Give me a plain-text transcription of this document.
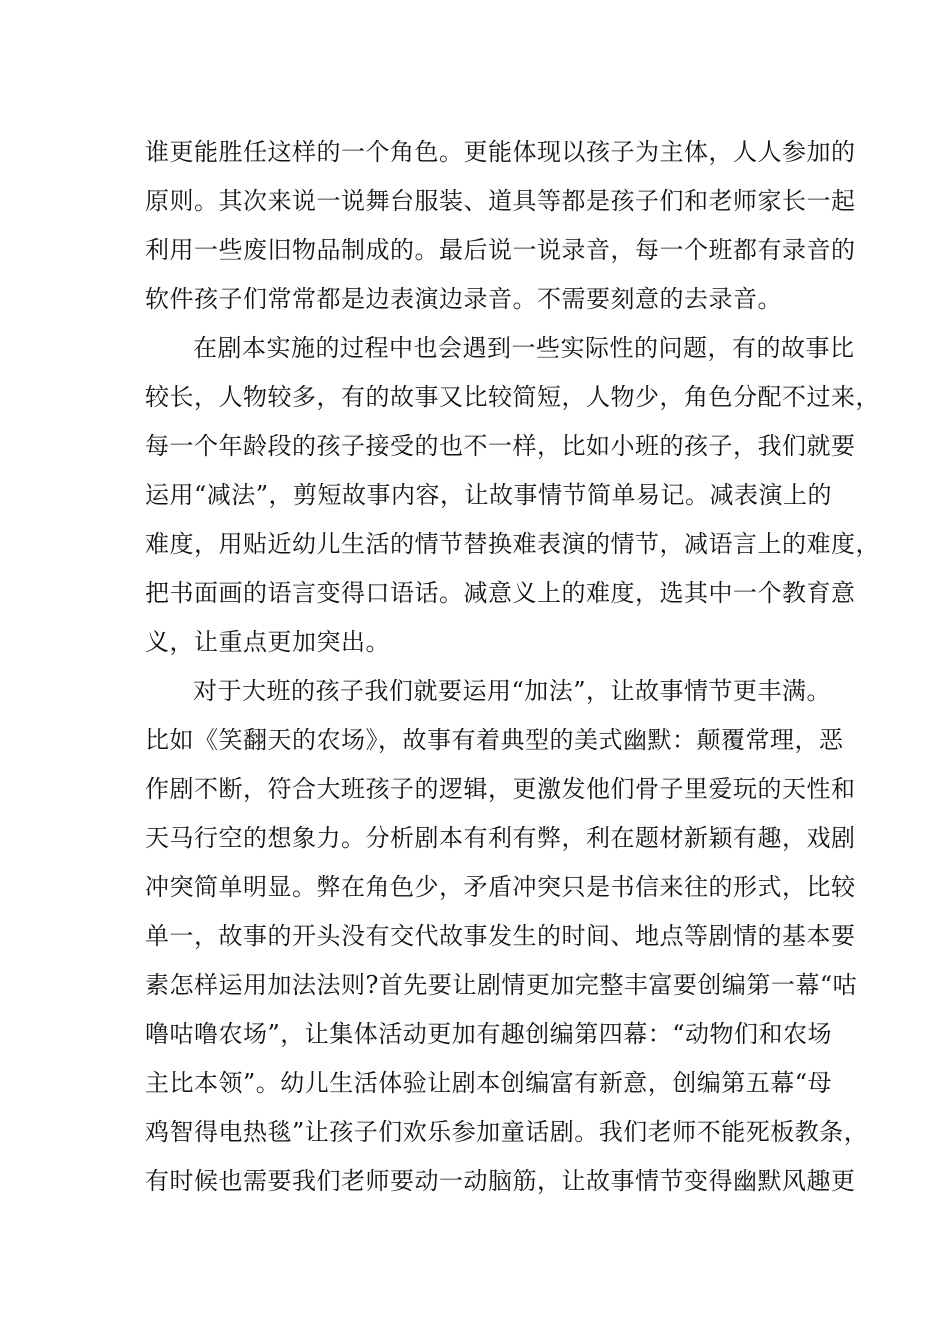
谁更能胜任这样的一个角色。更能体现以孩子为主体，人人参加的
原则。其次来说一说舞台服装、道具等都是孩子们和老师家长一起
利用一些废旧物品制成的。最后说一说录音，每一个班都有录音的
软件孩子们常常都是边表演边录音。不需要刻意的去录音。
在剧本实施的过程中也会遇到一些实际性的问题，有的故事比
较长，人物较多，有的故事又比较简短，人物少，角色分配不过来，
每一个年龄段的孩子接受的也不一样，比如小班的孩子，我们就要
运用“减法”，剪短故事内容，让故事情节简单易记。减表演上的
难度，用贴近幼儿生活的情节替换难表演的情节，减语言上的难度，
把书面画的语言变得口语话。减意义上的难度，选其中一个教育意
义，让重点更加突出。
对于大班的孩子我们就要运用“加法”，让故事情节更丰满。
比如《笑翻天的农场》，故事有着典型的美式幽默：颠覆常理，恶
作剧不断，符合大班孩子的逻辑，更激发他们骨子里爱玩的天性和
天马行空的想象力。分析剧本有利有弊，利在题材新颖有趣，戏剧
冲突简单明显。弊在角色少，矛盾冲突只是书信来往的形式，比较
单一，故事的开头没有交代故事发生的时间、地点等剧情的基本要
素怎样运用加法法则?首先要让剧情更加完整丰富要创编第一幕“咕
噜咕噜农场”，让集体活动更加有趣创编第四幕：“动物们和农场
主比本领”。幼儿生活体验让剧本创编富有新意，创编第五幕“母
鸡智得电热毯”让孩子们欢乐参加童话剧。我们老师不能死板教条，
有时候也需要我们老师要动一动脑筋，让故事情节变得幽默风趣更
